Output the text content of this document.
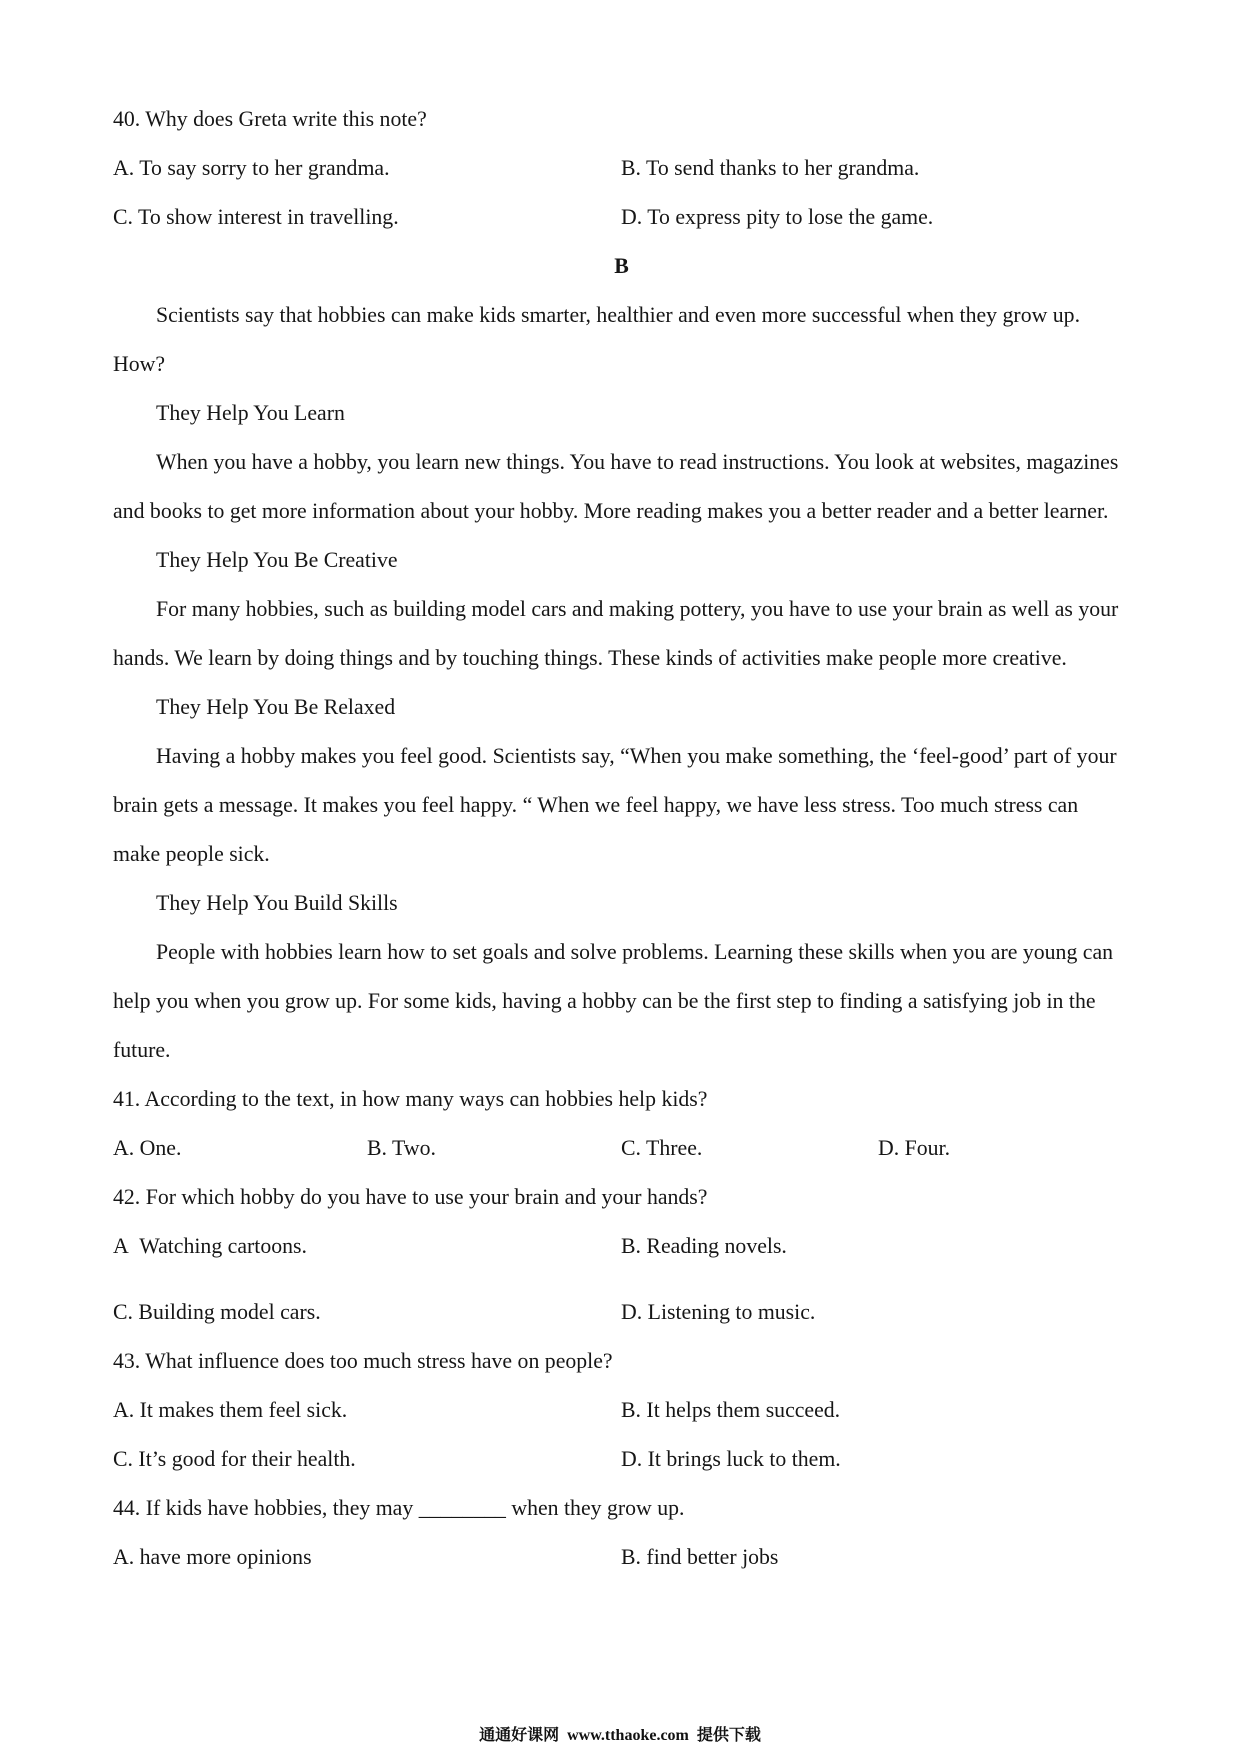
40. Why does Greta write this note?

A. To say sorry to her grandma.

	B. To send thanks to her grandma.

C. To show interest in travelling.

	D. To express pity to lose the game.

B
Scientists say that hobbies can make kids smarter, healthier and even more successful when they grow up.
How?
They Help You Learn
When you have a hobby, you learn new things. You have to read instructions. You look at websites, magazines
and books to get more information about your hobby. More reading makes you a better reader and a better learner.
They Help You Be Creative
For many hobbies, such as building model cars and making pottery, you have to use your brain as well as your
hands. We learn by doing things and by touching things. These kinds of activities make people more creative.
They Help You Be Relaxed
Having a hobby makes you feel good. Scientists say, “When you make something, the ‘feel-good’ part of your
brain gets a message. It makes you feel happy. “ When we feel happy, we have less stress. Too much stress can
make people sick.
They Help You Build Skills
People with hobbies learn how to set goals and solve problems. Learning these skills when you are young can
help you when you grow up. For some kids, having a hobby can be the first step to finding a satisfying job in the
future.
41. According to the text, in how many ways can hobbies help kids?

A. One.

	B. Two.

	C. Three.

	D. Four.

42. For which hobby do you have to use your brain and your hands?

A  Watching cartoons.

	B. Reading novels.

C. Building model cars.

	D. Listening to music.

43. What influence does too much stress have on people?

A. It makes them feel sick.

	B. It helps them succeed.

C. It’s good for their health.

	D. It brings luck to them.

44. If kids have hobbies, they may ________ when they grow up.

A. have more opinions

	B. find better jobs

通通好课网  www.tthaoke.com  提供下载
